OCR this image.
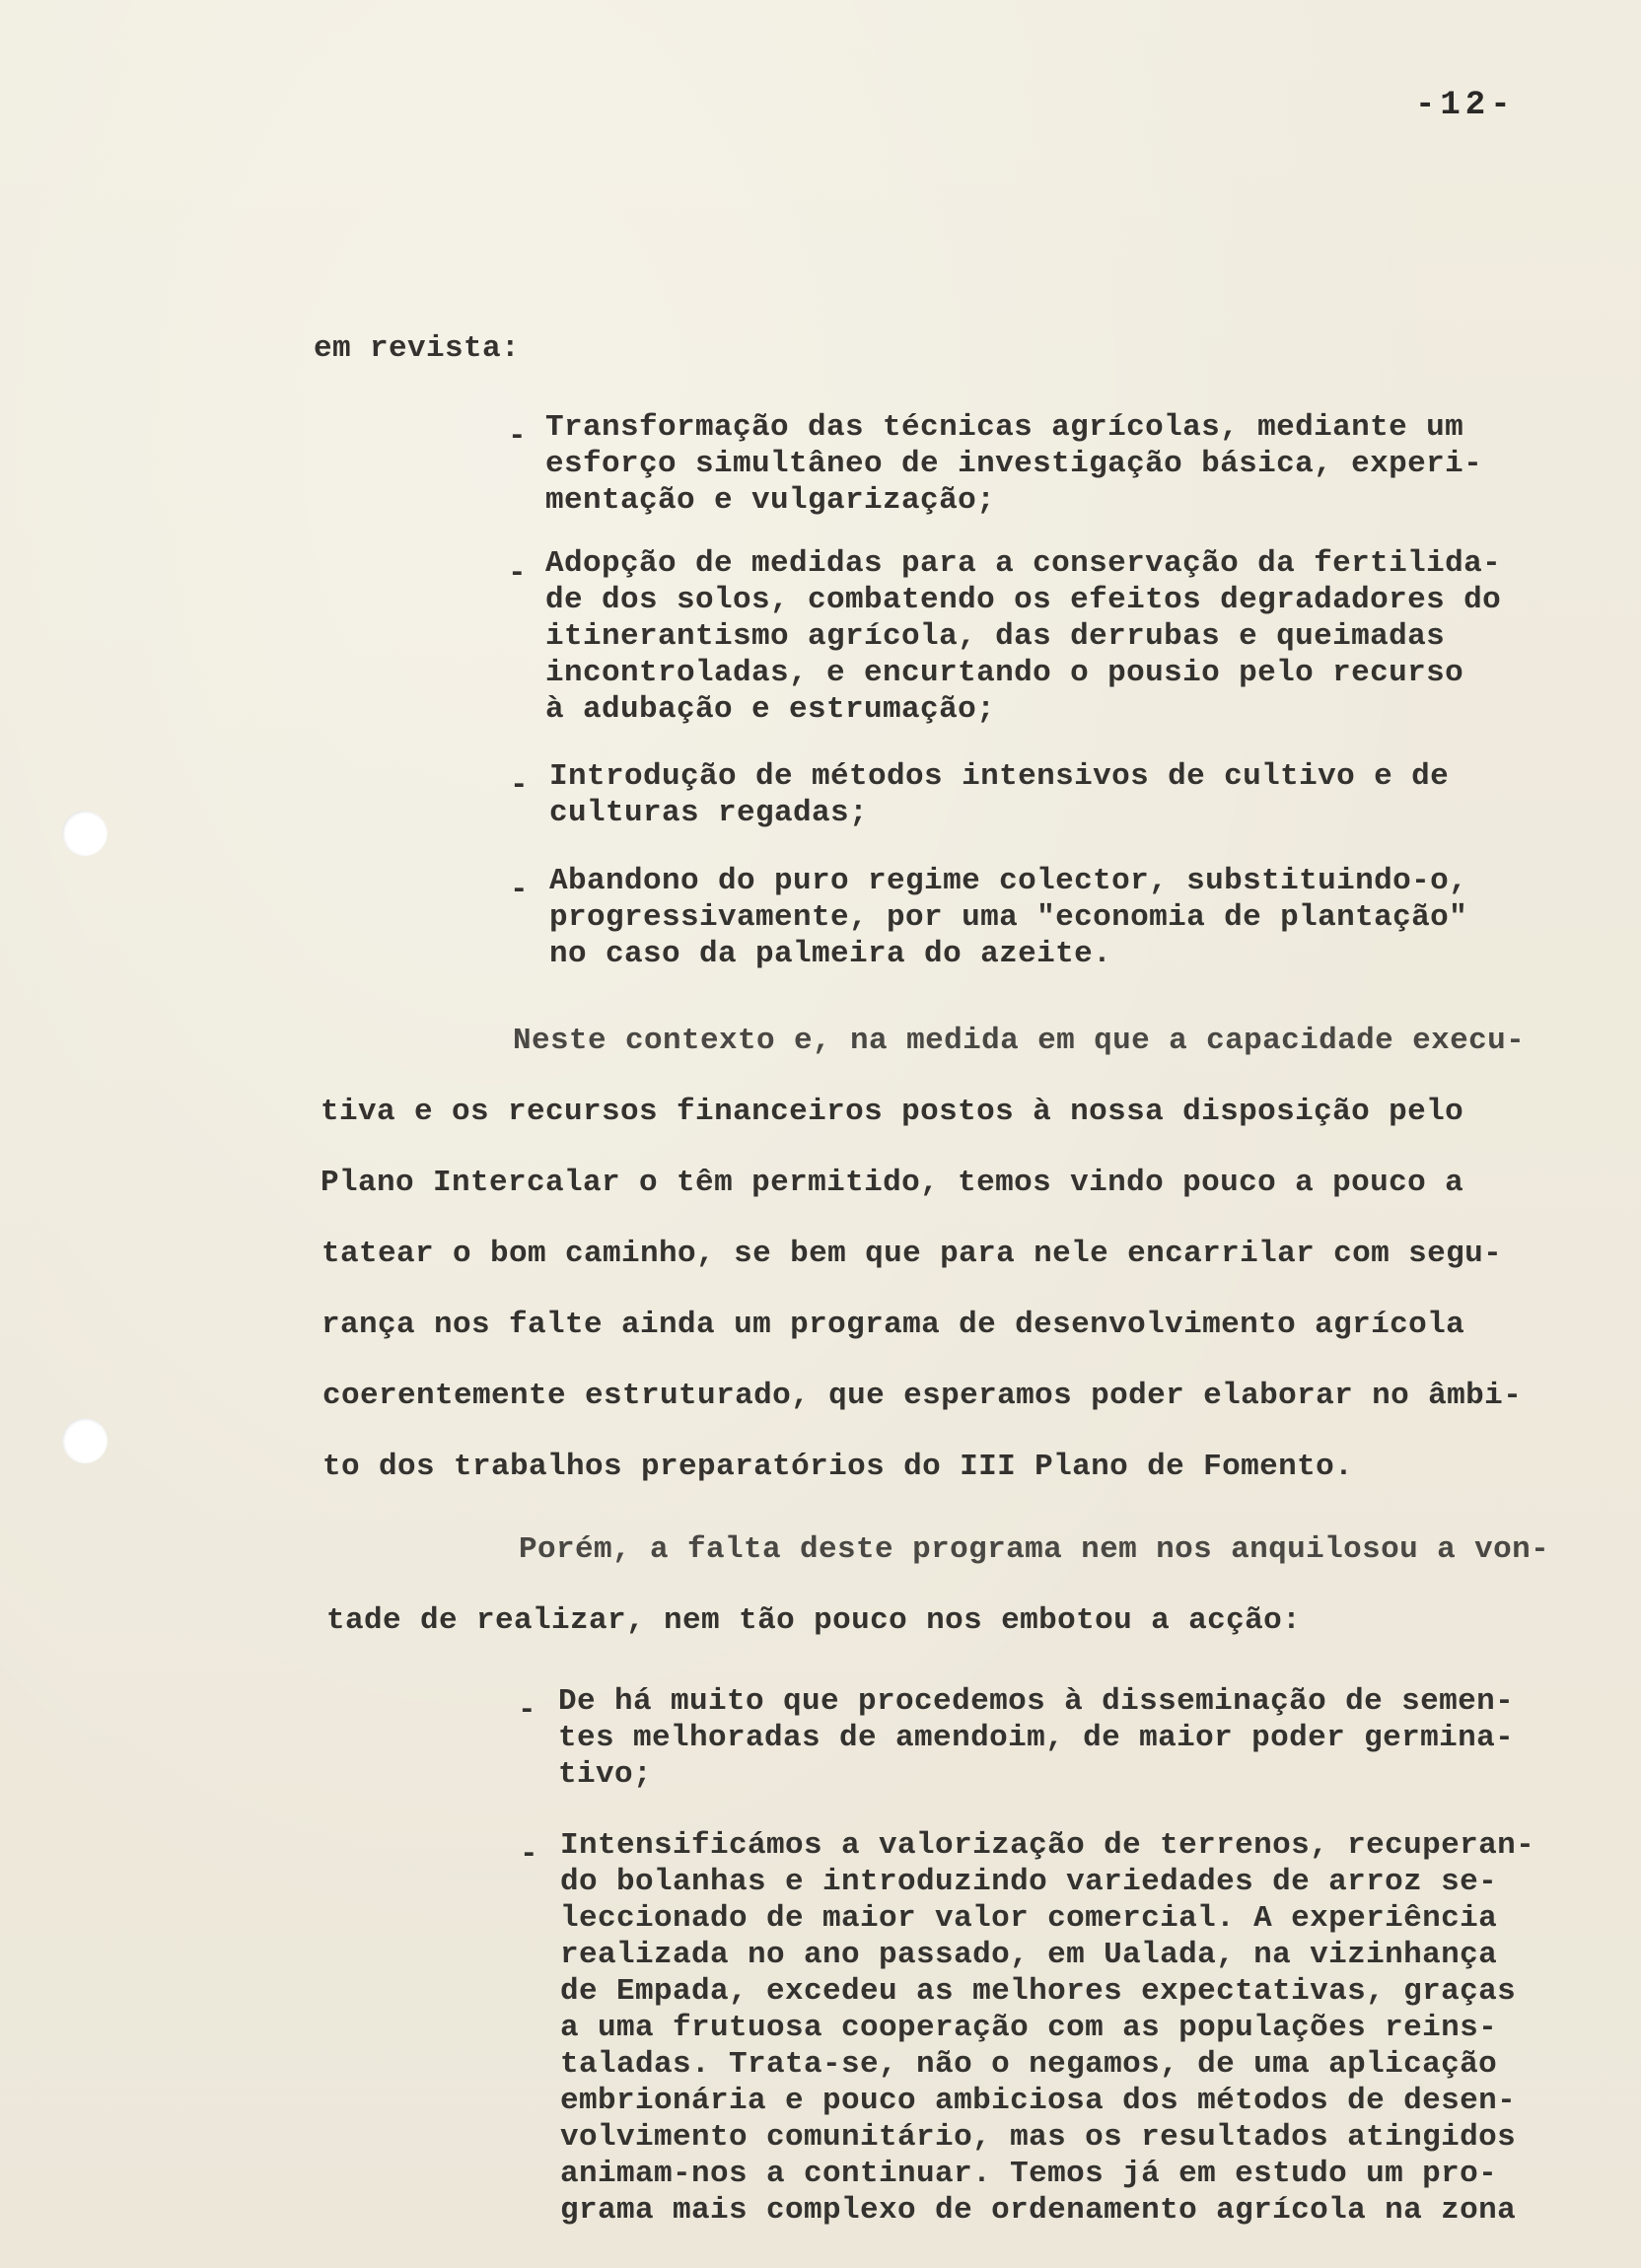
-12-
em revista:
- Transformação das técnicas agrícolas, mediante um
esforço simultâneo de investigação básica, experi-
mentação e vulgarização;
- Adopção de medidas para a conservação da fertilida-
de dos solos, combatendo os efeitos degradadores do
itinerantismo agrícola, das derrubas e queimadas
incontroladas, e encurtando o pousio pelo recurso
à adubação e estrumação;
- Introdução de métodos intensivos de cultivo e de
culturas regadas;
- Abandono do puro regime colector, substituindo-o,
progressivamente, por uma "economia de plantação"
no caso da palmeira do azeite.
Neste contexto e, na medida em que a capacidade execu-
tiva e os recursos financeiros postos à nossa disposição pelo
Plano Intercalar o têm permitido, temos vindo pouco a pouco a
tatear o bom caminho, se bem que para nele encarrilar com segu-
rança nos falte ainda um programa de desenvolvimento agrícola
coerentemente estruturado, que esperamos poder elaborar no âmbi-
to dos trabalhos preparatórios do III Plano de Fomento.
Porém, a falta deste programa nem nos anquilosou a von-
tade de realizar, nem tão pouco nos embotou a acção:
- De há muito que procedemos à disseminação de semen-
tes melhoradas de amendoim, de maior poder germina-
tivo;
- Intensificámos a valorização de terrenos, recuperan-
do bolanhas e introduzindo variedades de arroz se-
leccionado de maior valor comercial. A experiência
realizada no ano passado, em Ualada, na vizinhança
de Empada, excedeu as melhores expectativas, graças
a uma frutuosa cooperação com as populações reins-
taladas. Trata-se, não o negamos, de uma aplicação
embrionária e pouco ambiciosa dos métodos de desen-
volvimento comunitário, mas os resultados atingidos
animam-nos a continuar. Temos já em estudo um pro-
grama mais complexo de ordenamento agrícola na zona
